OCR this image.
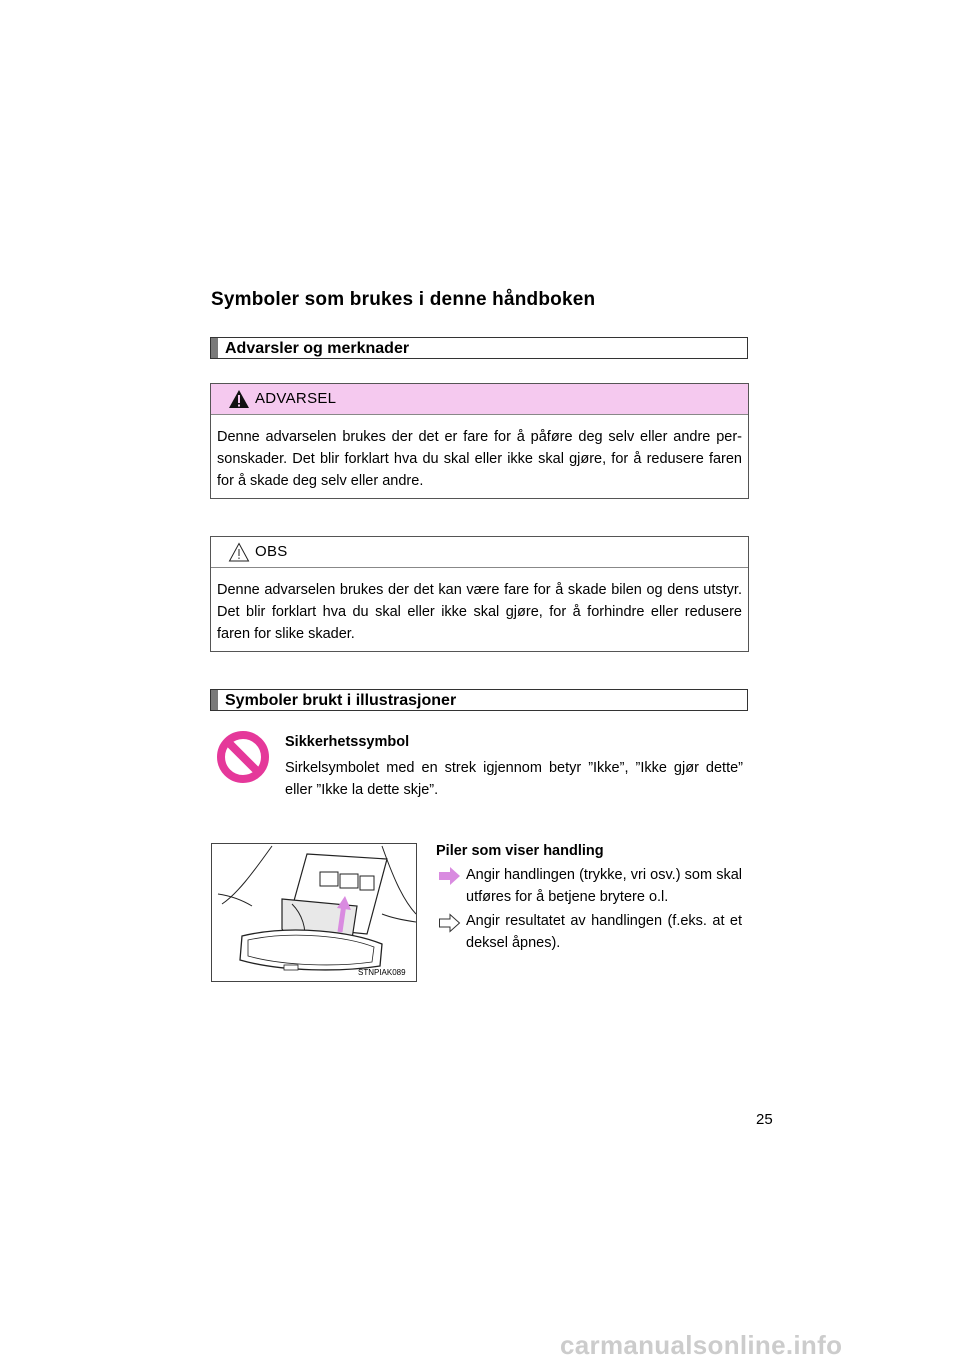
Symboler som brukes i denne håndboken
Advarsler og merknader
ADVARSEL
Denne advarselen brukes der det er fare for å påføre deg selv eller andre personskader. Det blir forklart hva du skal eller ikke skal gjøre, for å redusere faren for å skade deg selv eller andre.
OBS
Denne advarselen brukes der det kan være fare for å skade bilen og dens utstyr. Det blir forklart hva du skal eller ikke skal gjøre, for å forhindre eller redusere faren for slike skader.
Symboler brukt i illustrasjoner
Sikkerhetssymbol
Sirkelsymbolet med en strek igjennom betyr ”Ikke”, ”Ikke gjør dette” eller ”Ikke la dette skje”.
Piler som viser handling
Angir handlingen (trykke, vri osv.) som skal utføres for å betjene brytere o.l.
Angir resultatet av handlingen (f.eks. at et deksel åpnes).
STNPIAK089
25
carmanualsonline.info
